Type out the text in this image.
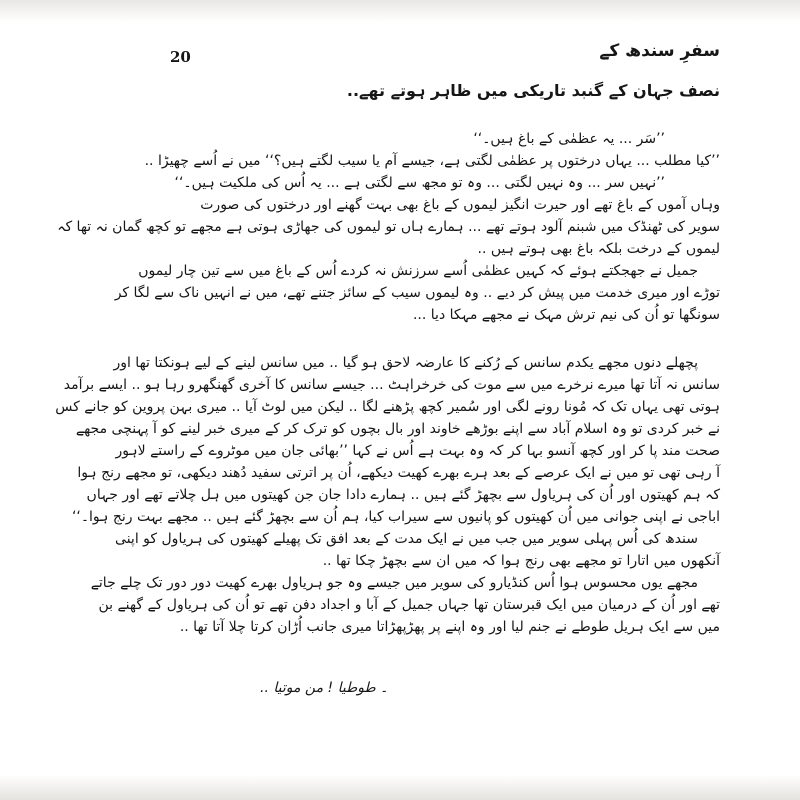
سفرِ سندھ کے
20
نصف جہان کے گنبد تاریکی میں ظاہر ہوتے تھے..
’’سَر ... یہ عظمٰی کے باغ ہیں۔‘‘
’’کیا مطلب ... یہاں درختوں پر عظمٰی لگتی ہے، جیسے آم یا سیب لگتے ہیں؟‘‘ میں نے اُسے چھیڑا ..
’’نہیں سر ... وہ نہیں لگتی ... وہ تو مجھ سے لگتی ہے ... یہ اُس کی ملکیت ہیں۔‘‘
وہاں آموں کے باغ تھے اور حیرت انگیز لیموں کے باغ بھی بہت گھنے اور درختوں کی صورت
سویر کی ٹھنڈک میں شبنم آلود ہوتے تھے ... ہمارے ہاں تو لیموں کی جھاڑی ہوتی ہے مجھے تو کچھ گمان نہ تھا کہ
لیموں کے درخت بلکہ باغ بھی ہوتے ہیں ..
جمیل نے جھجکتے ہوئے کہ کہیں عظمٰی اُسے سرزنش نہ کردے اُس کے باغ میں سے تین چار لیموں
توڑے اور میری خدمت میں پیش کر دیے .. وہ لیموں سیب کے سائز جتنے تھے، میں نے انہیں ناک سے لگا کر
سونگھا تو اُن کی نیم ترش مہک نے مجھے مہکا دیا ...
پچھلے دنوں مجھے یکدم سانس کے رُکنے کا عارضہ لاحق ہو گیا .. میں سانس لینے کے لیے ہونکتا تھا اور
سانس نہ آتا تھا میرے نرخرے میں سے موت کی خرخراہٹ ... جیسے سانس کا آخری گھنگھرو رہا ہو .. ایسے برآمد
ہوتی تھی یہاں تک کہ مُونا رونے لگی اور سُمیر کچھ پڑھنے لگا .. لیکن میں لوٹ آیا .. میری بہن پروین کو جانے کس
نے خبر کردی تو وہ اسلام آباد سے اپنے بوڑھے خاوند اور بال بچوں کو ترک کر کے میری خبر لینے کو آ پہنچی مجھے
صحت مند پا کر اور کچھ آنسو بہا کر کہ وہ بہت ہے اُس نے کہا ’’بھائی جان میں موٹروے کے راستے لاہور
آ رہی تھی تو میں نے ایک عرصے کے بعد ہرے بھرے کھیت دیکھے، اُن پر اترتی سفید دُھند دیکھی، تو مجھے رنج ہوا
کہ ہم کھیتوں اور اُن کی ہریاول سے بچھڑ گئے ہیں .. ہمارے دادا جان جن کھیتوں میں ہل چلاتے تھے اور جہاں
اباجی نے اپنی جوانی میں اُن کھیتوں کو پانیوں سے سیراب کیا، ہم اُن سے بچھڑ گئے ہیں .. مجھے بہت رنج ہوا۔‘‘
سندھ کی اُس پہلی سویر میں جب میں نے ایک مدت کے بعد افق تک پھیلے کھیتوں کی ہریاول کو اپنی
آنکھوں میں اتارا تو مجھے بھی رنج ہوا کہ میں ان سے بچھڑ چکا تھا ..
مجھے یوں محسوس ہوا اُس کنڈیارو کی سویر میں جیسے وہ جو ہریاول بھرے کھیت دور دور تک چلے جاتے
تھے اور اُن کے درمیان میں ایک قبرستان تھا جہاں جمیل کے آبا و اجداد دفن تھے تو اُن کی ہریاول کے گھنے بن
میں سے ایک ہریل طوطے نے جنم لیا اور وہ اپنے پر پھڑپھڑاتا میری جانب اُڑان کرتا چلا آتا تھا ..
۔ طوطیا ! من موتیا ..
